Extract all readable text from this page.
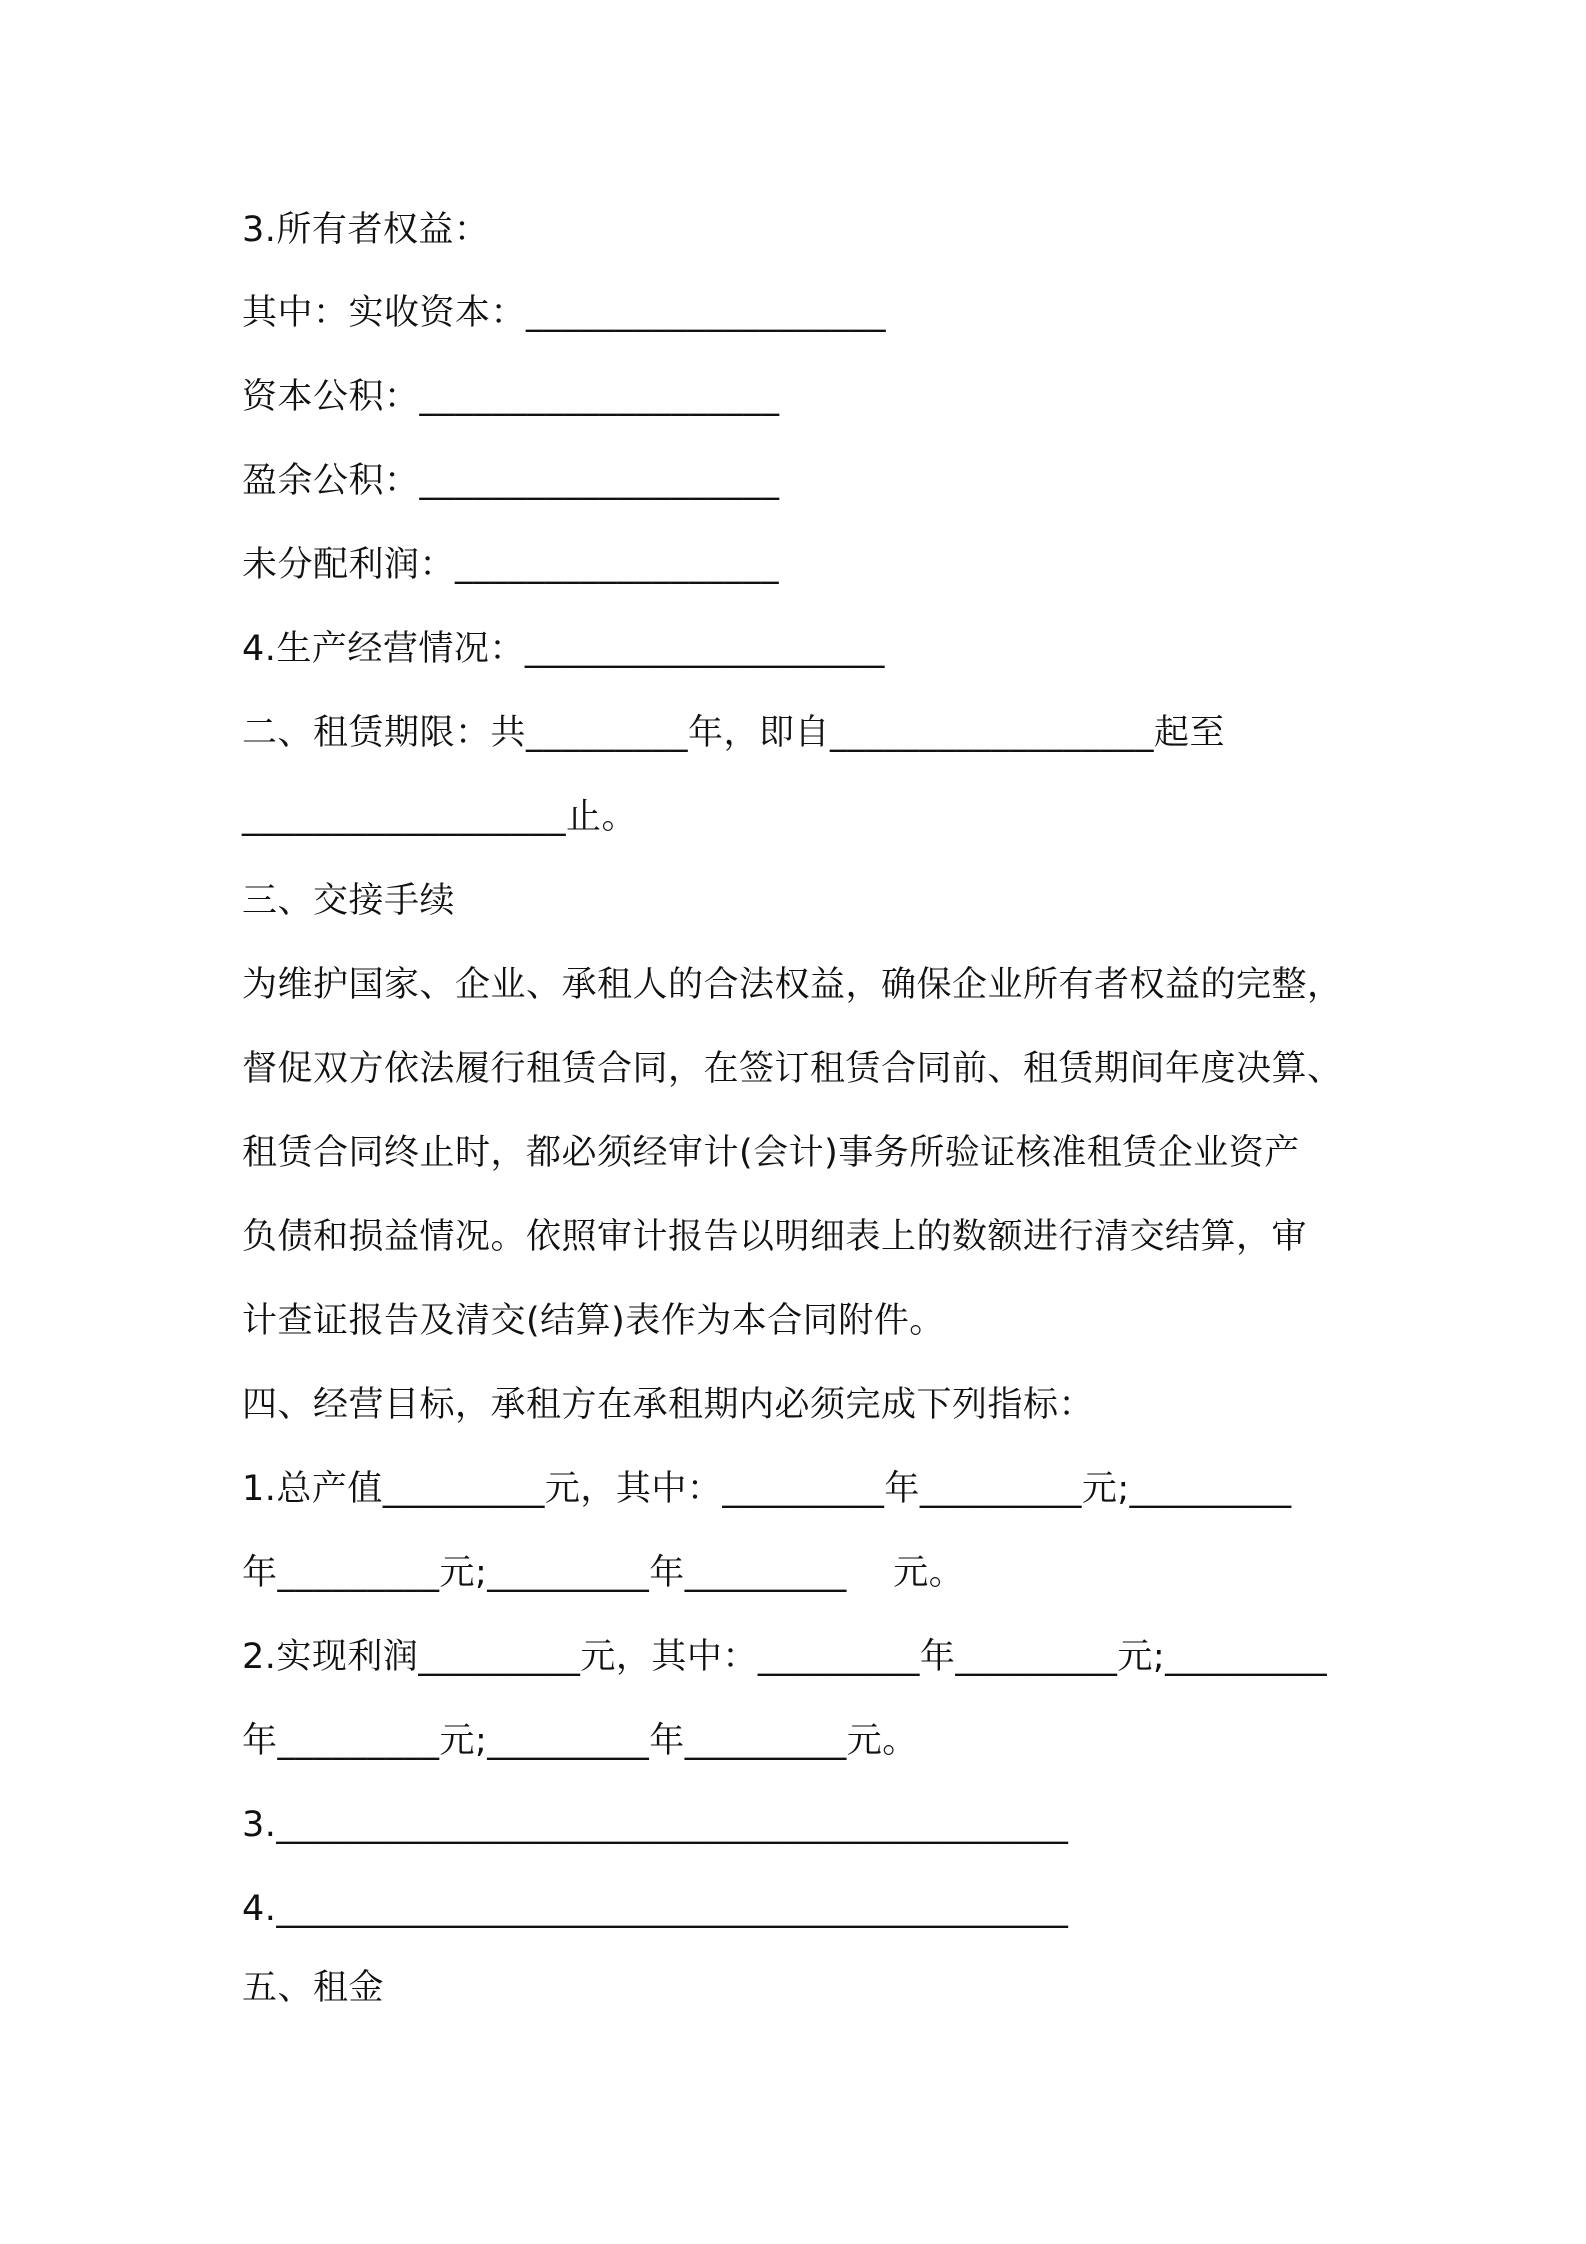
3.所有者权益：
其中：实收资本：____________________
资本公积：____________________
盈余公积：____________________
未分配利润：__________________
4.生产经营情况：____________________
二、租赁期限：共_________年，即自__________________起至
__________________止。
三、交接手续
为维护国家、企业、承租人的合法权益，确保企业所有者权益的完整，
督促双方依法履行租赁合同，在签订租赁合同前、租赁期间年度决算、
租赁合同终止时，都必须经审计(会计)事务所验证核准租赁企业资产
负债和损益情况。依照审计报告以明细表上的数额进行清交结算，审
计查证报告及清交(结算)表作为本合同附件。
四、经营目标，承租方在承租期内必须完成下列指标：
1.总产值_________元，其中：_________年_________元;_________
年_________元;_________年_________    元。
2.实现利润_________元，其中：_________年_________元;_________
年_________元;_________年_________元。
3.____________________________________________
4.____________________________________________
五、租金
